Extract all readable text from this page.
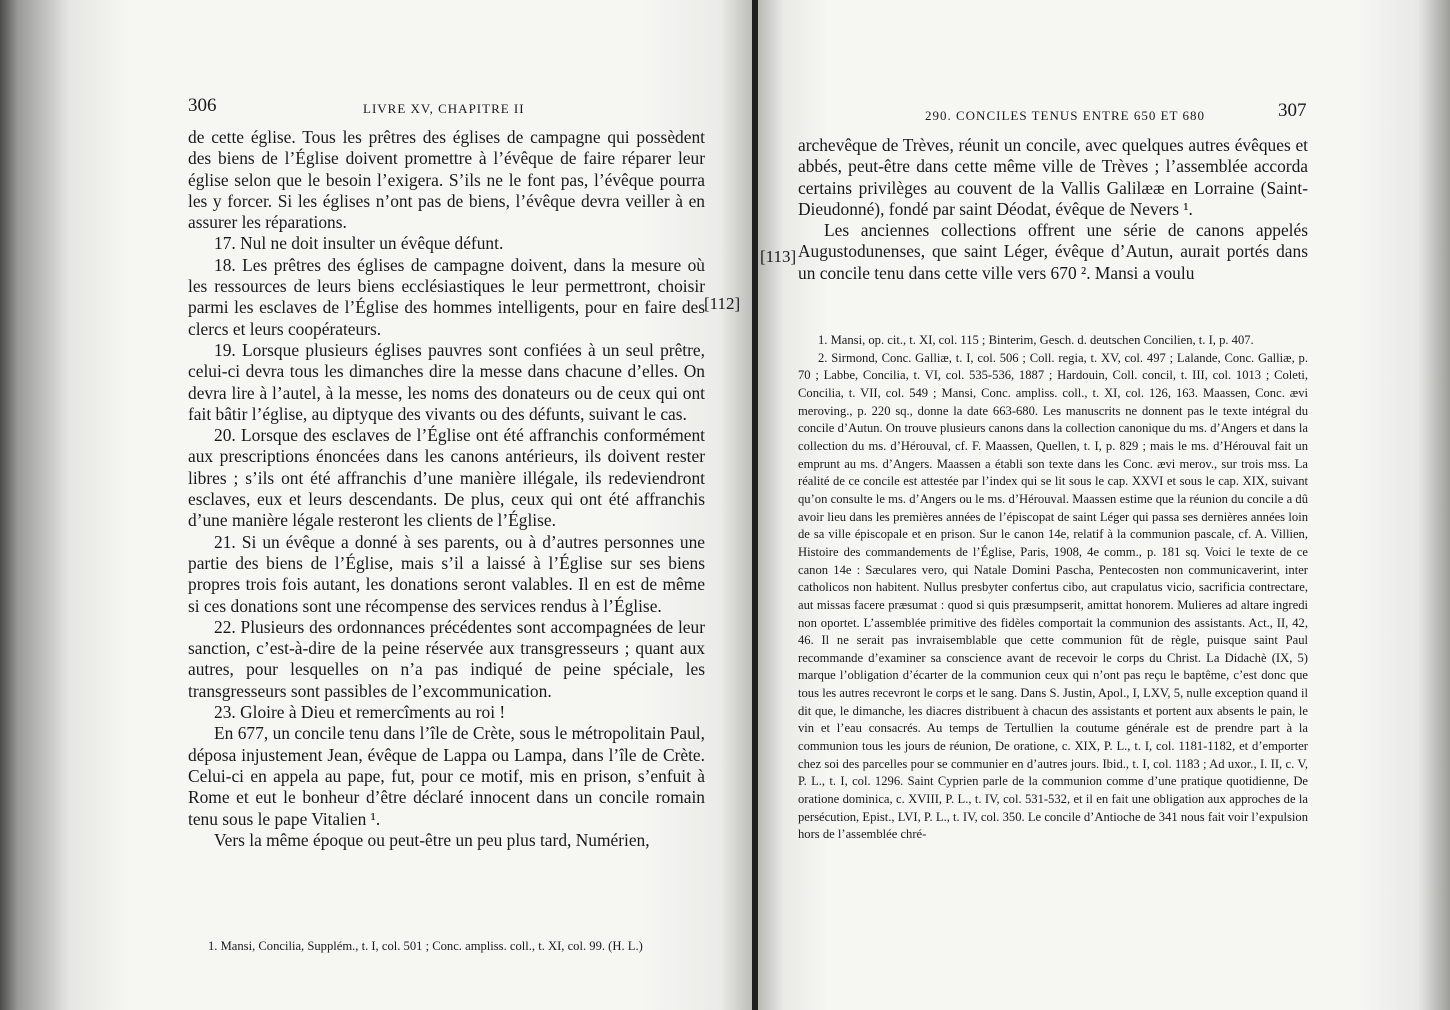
306	LIVRE XV, CHAPITRE II

de cette église. Tous les prêtres des églises de campagne qui possèdent des biens de l’Église doivent promettre à l’évêque de faire réparer leur église selon que le besoin l’exigera. S’ils ne le font pas, l’évêque pourra les y forcer. Si les églises n’ont pas de biens, l’évêque devra veiller à en assurer les réparations.

17. Nul ne doit insulter un évêque défunt.

18. Les prêtres des églises de campagne doivent, dans la mesure où les ressources de leurs biens ecclésiastiques le leur permettront, choisir parmi les esclaves de l’Église des hommes intelligents, pour en faire des clercs et leurs coopérateurs.

19. Lorsque plusieurs églises pauvres sont confiées à un seul prêtre, celui-ci devra tous les dimanches dire la messe dans chacune d’elles. On devra lire à l’autel, à la messe, les noms des donateurs ou de ceux qui ont fait bâtir l’église, au diptyque des vivants ou des défunts, suivant le cas.

20. Lorsque des esclaves de l’Église ont été affranchis conformément aux prescriptions énoncées dans les canons antérieurs, ils doivent rester libres ; s’ils ont été affranchis d’une manière illégale, ils redeviendront esclaves, eux et leurs descendants. De plus, ceux qui ont été affranchis d’une manière légale resteront les clients de l’Église.

21. Si un évêque a donné à ses parents, ou à d’autres personnes une partie des biens de l’Église, mais s’il a laissé à l’Église sur ses biens propres trois fois autant, les donations seront valables. Il en est de même si ces donations sont une récompense des services rendus à l’Église.

22. Plusieurs des ordonnances précédentes sont accompagnées de leur sanction, c’est-à-dire de la peine réservée aux transgresseurs ; quant aux autres, pour lesquelles on n’a pas indiqué de peine spéciale, les transgresseurs sont passibles de l’excommunication.

23. Gloire à Dieu et remercîments au roi !

En 677, un concile tenu dans l’île de Crète, sous le métropolitain Paul, déposa injustement Jean, évêque de Lappa ou Lampa, dans l’île de Crète. Celui-ci en appela au pape, fut, pour ce motif, mis en prison, s’enfuit à Rome et eut le bonheur d’être déclaré innocent dans un concile romain tenu sous le pape Vitalien ¹.

Vers la même époque ou peut-être un peu plus tard, Numérien,

[112]

1. Mansi, Concilia, Supplém., t. I, col. 501 ; Conc. ampliss. coll., t. XI, col. 99. (H. L.)

290. CONCILES TENUS ENTRE 650 ET 680	307
[113]

archevêque de Trèves, réunit un concile, avec quelques autres évêques et abbés, peut-être dans cette même ville de Trèves ; l’assemblée accorda certains privilèges au couvent de la Vallis Galilææ en Lorraine (Saint-Dieudonné), fondé par saint Déodat, évêque de Nevers ¹.

Les anciennes collections offrent une série de canons appelés Augustodunenses, que saint Léger, évêque d’Autun, aurait portés dans un concile tenu dans cette ville vers 670 ². Mansi a voulu

1. Mansi, op. cit., t. XI, col. 115 ; Binterim, Gesch. d. deutschen Concilien, t. I, p. 407.

2. Sirmond, Conc. Galliæ, t. I, col. 506 ; Coll. regia, t. XV, col. 497 ; Lalande, Conc. Galliæ, p. 70 ; Labbe, Concilia, t. VI, col. 535-536, 1887 ; Hardouin, Coll. concil, t. III, col. 1013 ; Coleti, Concilia, t. VII, col. 549 ; Mansi, Conc. ampliss. coll., t. XI, col. 126, 163. Maassen, Conc. ævi meroving., p. 220 sq., donne la date 663-680. Les manuscrits ne donnent pas le texte intégral du concile d’Autun. On trouve plusieurs canons dans la collection canonique du ms. d’Angers et dans la collection du ms. d’Hérouval, cf. F. Maassen, Quellen, t. I, p. 829 ; mais le ms. d’Hérouval fait un emprunt au ms. d’Angers. Maassen a établi son texte dans les Conc. ævi merov., sur trois mss. La réalité de ce concile est attestée par l’index qui se lit sous le cap. XXVI et sous le cap. XIX, suivant qu’on consulte le ms. d’Angers ou le ms. d’Hérouval. Maassen estime que la réunion du concile a dû avoir lieu dans les premières années de l’épiscopat de saint Léger qui passa ses dernières années loin de sa ville épiscopale et en prison. Sur le canon 14e, relatif à la communion pascale, cf. A. Villien, Histoire des commandements de l’Église, Paris, 1908, 4e comm., p. 181 sq. Voici le texte de ce canon 14e : Sæculares vero, qui Natale Domini Pascha, Pentecosten non communicaverint, inter catholicos non habitent. Nullus presbyter confertus cibo, aut crapulatus vicio, sacrificia contrectare, aut missas facere præsumat : quod si quis præsumpserit, amittat honorem. Mulieres ad altare ingredi non oportet. L’assemblée primitive des fidèles comportait la communion des assistants. Act., II, 42, 46. Il ne serait pas invraisemblable que cette communion fût de règle, puisque saint Paul recommande d’examiner sa conscience avant de recevoir le corps du Christ. La Didachè (IX, 5) marque l’obligation d’écarter de la communion ceux qui n’ont pas reçu le baptême, c’est donc que tous les autres recevront le corps et le sang. Dans S. Justin, Apol., I, LXV, 5, nulle exception quand il dit que, le dimanche, les diacres distribuent à chacun des assistants et portent aux absents le pain, le vin et l’eau consacrés. Au temps de Tertullien la coutume générale est de prendre part à la communion tous les jours de réunion, De oratione, c. XIX, P. L., t. I, col. 1181-1182, et d’emporter chez soi des parcelles pour se communier en d’autres jours. Ibid., t. I, col. 1183 ; Ad uxor., I. II, c. V, P. L., t. I, col. 1296. Saint Cyprien parle de la communion comme d’une pratique quotidienne, De oratione dominica, c. XVIII, P. L., t. IV, col. 531-532, et il en fait une obligation aux approches de la persécution, Epist., LVI, P. L., t. IV, col. 350. Le concile d’Antioche de 341 nous fait voir l’expulsion hors de l’assemblée chré-
